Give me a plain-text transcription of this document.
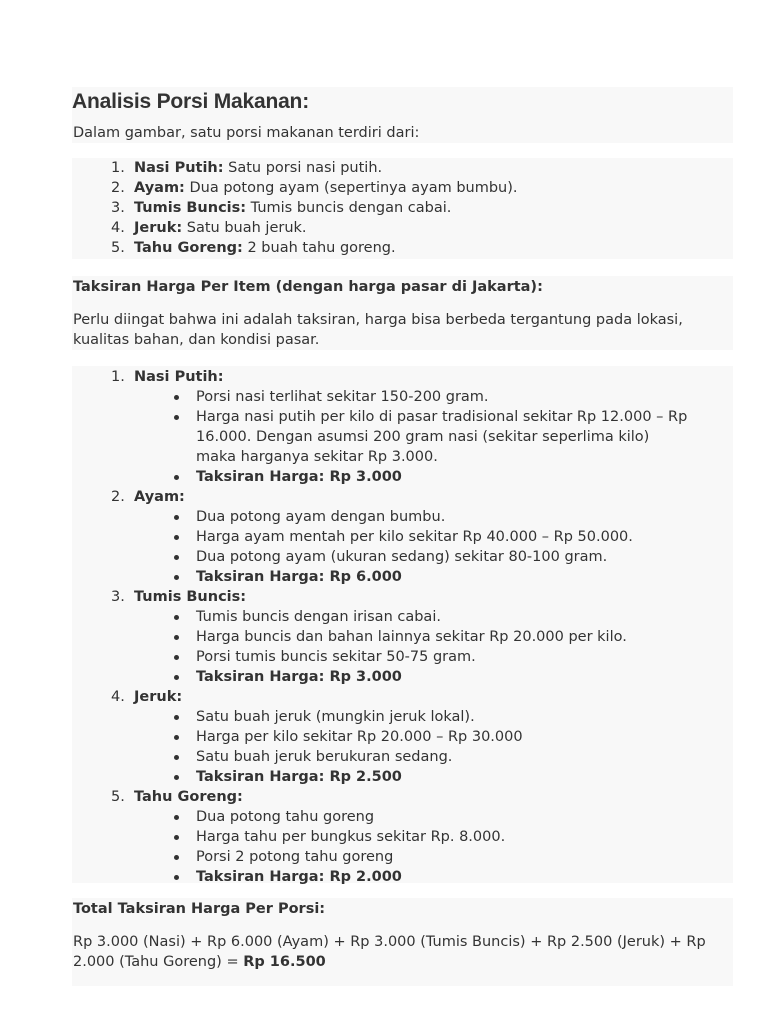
Analisis Porsi Makanan:
Dalam gambar, satu porsi makanan terdiri dari:
1. Nasi Putih: Satu porsi nasi putih.
2. Ayam: Dua potong ayam (sepertinya ayam bumbu).
3. Tumis Buncis: Tumis buncis dengan cabai.
4. Jeruk: Satu buah jeruk.
5. Tahu Goreng: 2 buah tahu goreng.
Taksiran Harga Per Item (dengan harga pasar di Jakarta):
Perlu diingat bahwa ini adalah taksiran, harga bisa berbeda tergantung pada lokasi, kualitas bahan, dan kondisi pasar.
1. Nasi Putih:
Porsi nasi terlihat sekitar 150-200 gram.
Harga nasi putih per kilo di pasar tradisional sekitar Rp 12.000 – Rp 16.000. Dengan asumsi 200 gram nasi (sekitar seperlima kilo) maka harganya sekitar Rp 3.000.
Taksiran Harga: Rp 3.000
2. Ayam:
Dua potong ayam dengan bumbu.
Harga ayam mentah per kilo sekitar Rp 40.000 – Rp 50.000.
Dua potong ayam (ukuran sedang) sekitar 80-100 gram.
Taksiran Harga: Rp 6.000
3. Tumis Buncis:
Tumis buncis dengan irisan cabai.
Harga buncis dan bahan lainnya sekitar Rp 20.000 per kilo.
Porsi tumis buncis sekitar 50-75 gram.
Taksiran Harga: Rp 3.000
4. Jeruk:
Satu buah jeruk (mungkin jeruk lokal).
Harga per kilo sekitar Rp 20.000 – Rp 30.000
Satu buah jeruk berukuran sedang.
Taksiran Harga: Rp 2.500
5. Tahu Goreng:
Dua potong tahu goreng
Harga tahu per bungkus sekitar Rp. 8.000.
Porsi 2 potong tahu goreng
Taksiran Harga: Rp 2.000
Total Taksiran Harga Per Porsi:
Rp 3.000 (Nasi) + Rp 6.000 (Ayam) + Rp 3.000 (Tumis Buncis) + Rp 2.500 (Jeruk) + Rp 2.000 (Tahu Goreng) = Rp 16.500
